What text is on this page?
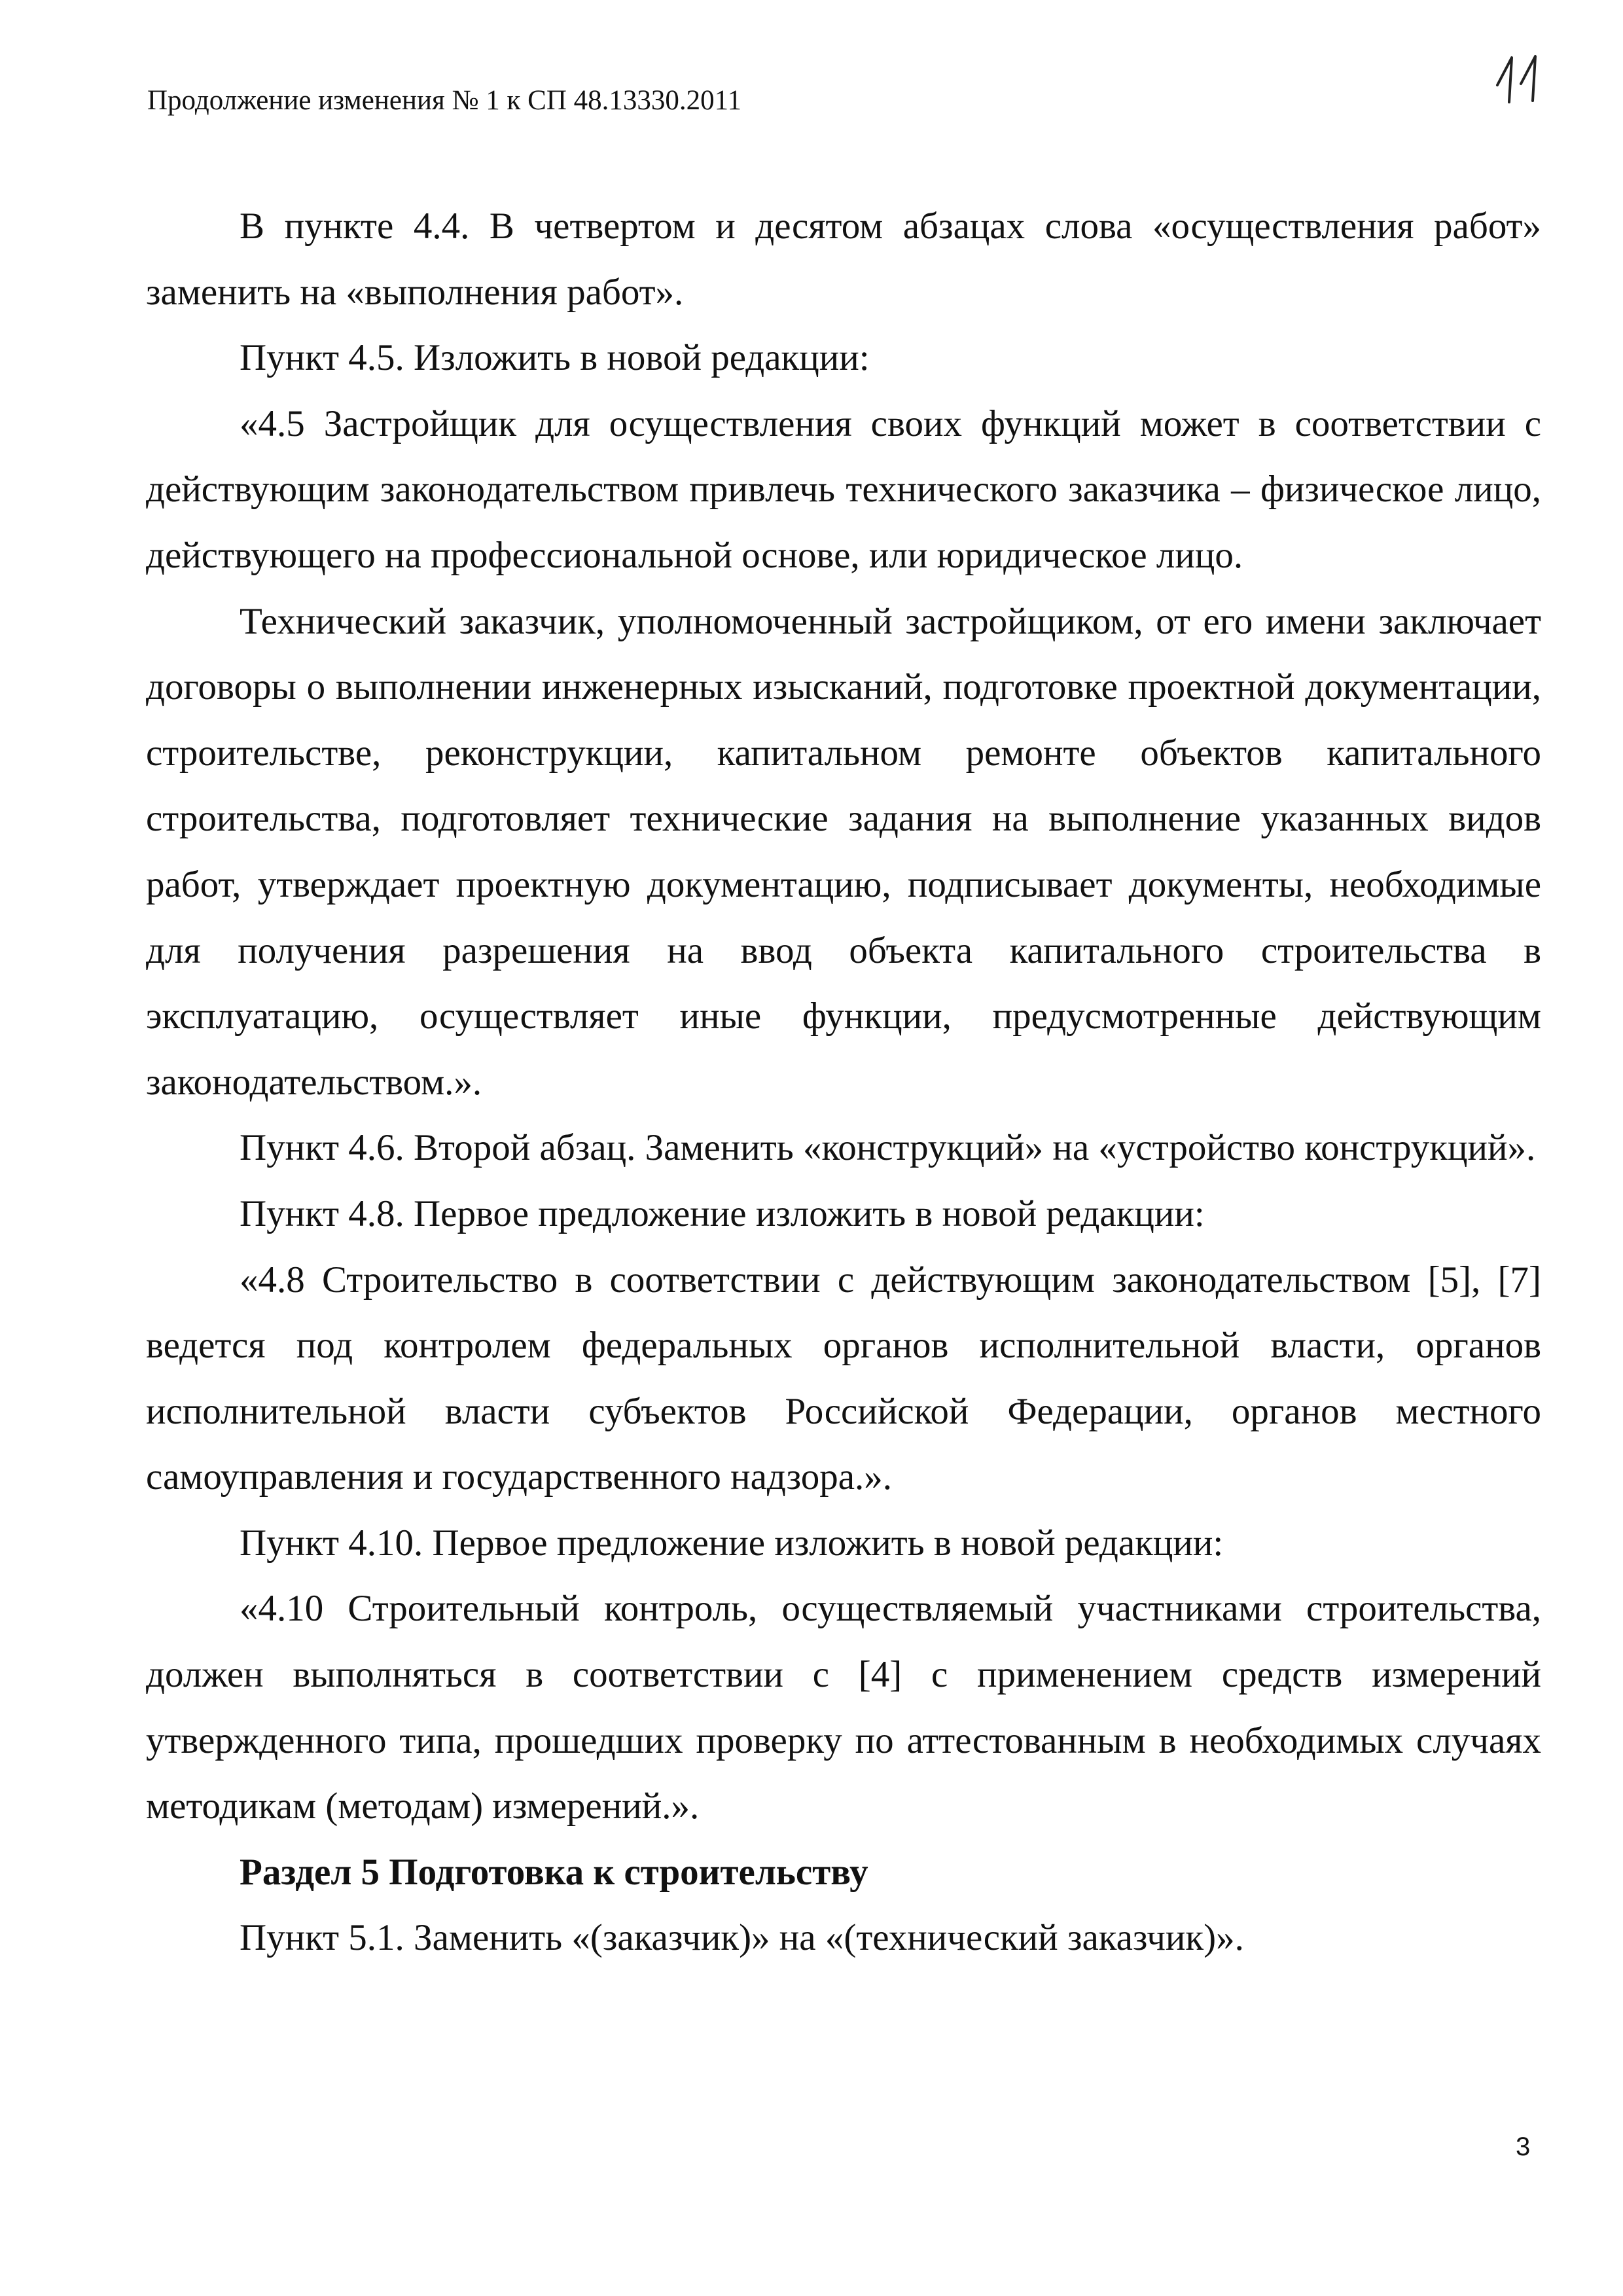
Продолжение изменения № 1 к СП 48.13330.2011

В пункте 4.4. В четвертом и десятом абзацах слова «осуществления работ» заменить на «выполнения работ».

Пункт 4.5. Изложить в новой редакции:

«4.5 Застройщик для осуществления своих функций может в соответствии с действующим законодательством привлечь технического заказчика – физическое лицо, действующего на профессиональной основе, или юридическое лицо.

Технический заказчик, уполномоченный застройщиком, от его имени заключает договоры о выполнении инженерных изысканий, подготовке проектной документации, строительстве, реконструкции, капитальном ремонте объектов капитального строительства, подготовляет технические задания на выполнение указанных видов работ, утверждает проектную документацию, подписывает документы, необходимые для получения разрешения на ввод объекта капитального строительства в эксплуатацию, осуществляет иные функции, предусмотренные действующим законодательством.».

Пункт 4.6. Второй абзац. Заменить «конструкций» на «устройство конструкций».

Пункт 4.8. Первое предложение изложить в новой редакции:

«4.8 Строительство в соответствии с действующим законодательством [5], [7] ведется под контролем федеральных органов исполнительной власти, органов исполнительной власти субъектов Российской Федерации, органов местного самоуправления и государственного надзора.».

Пункт 4.10. Первое предложение изложить в новой редакции:

«4.10 Строительный контроль, осуществляемый участниками строительства, должен выполняться в соответствии с [4] с применением средств измерений утвержденного типа, прошедших проверку по аттестованным в необходимых случаях методикам (методам) измерений.».

Раздел 5 Подготовка к строительству

Пункт 5.1. Заменить «(заказчик)» на «(технический заказчик)».

3
